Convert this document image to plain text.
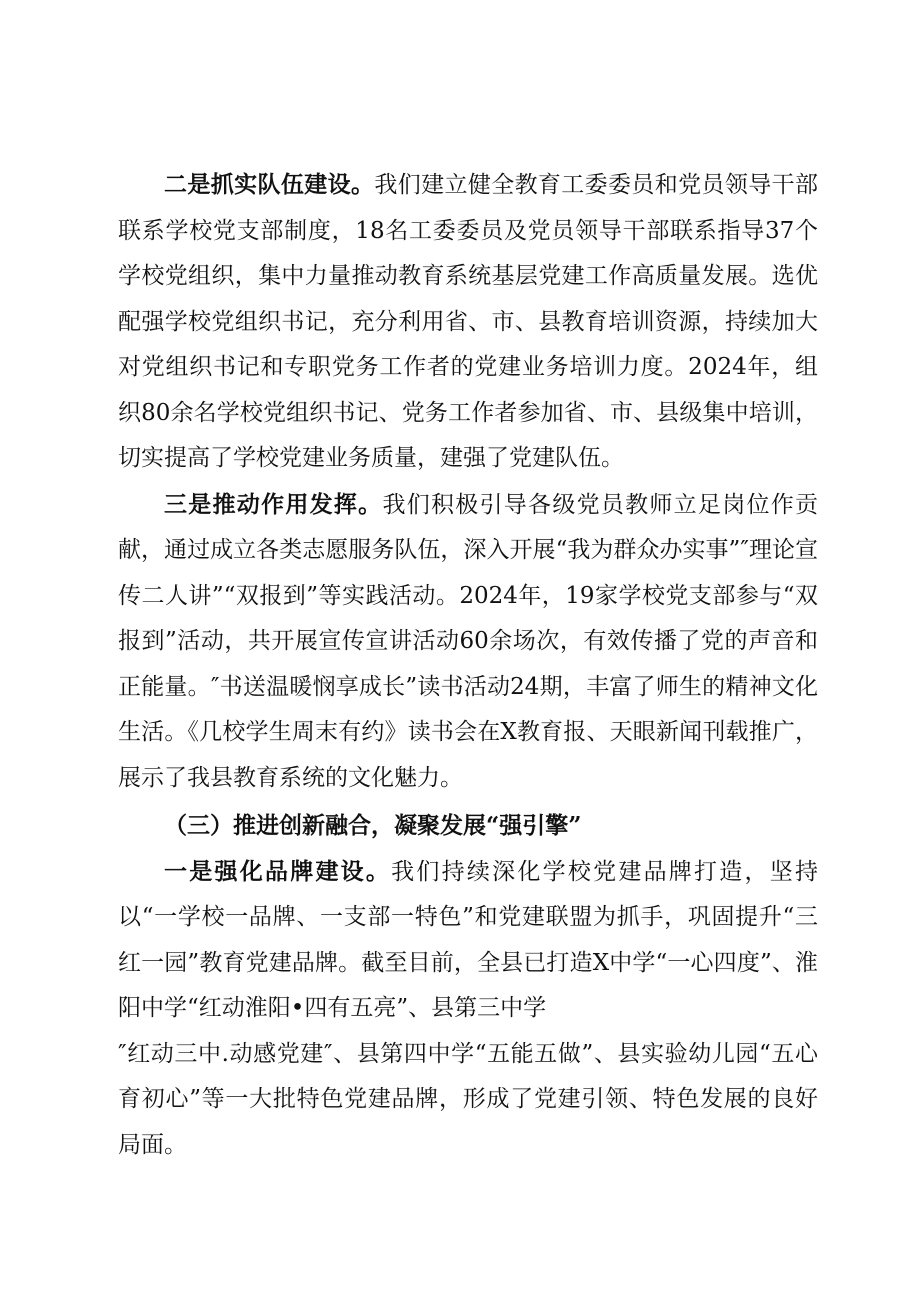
二是抓实队伍建设。我们建立健全教育工委委员和党员领导干部联系学校党支部制度，18名工委委员及党员领导干部联系指导37个学校党组织，集中力量推动教育系统基层党建工作高质量发展。选优配强学校党组织书记，充分利用省、市、县教育培训资源，持续加大对党组织书记和专职党务工作者的党建业务培训力度。2024年，组织80余名学校党组织书记、党务工作者参加省、市、县级集中培训，切实提高了学校党建业务质量，建强了党建队伍。

三是推动作用发挥。我们积极引导各级党员教师立足岗位作贡献，通过成立各类志愿服务队伍，深入开展“我为群众办实事”″理论宣传二人讲”“双报到”等实践活动。2024年，19家学校党支部参与“双报到”活动，共开展宣传宣讲活动60余场次，有效传播了党的声音和正能量。″书送温暖悯享成长”读书活动24期，丰富了师生的精神文化生活。《几校学生周末有约》读书会在X教育报、天眼新闻刊载推广，展示了我县教育系统的文化魅力。

（三）推进创新融合，凝聚发展“强引擎”

一是强化品牌建设。我们持续深化学校党建品牌打造，坚持以“一学校一品牌、一支部一特色”和党建联盟为抓手，巩固提升“三红一园”教育党建品牌。截至目前，全县已打造X中学“一心四度”、淮阳中学“红动淮阳•四有五亮”、县第三中学

″红动三中.动感党建″、县第四中学“五能五做”、县实验幼儿园“五心育初心”等一大批特色党建品牌，形成了党建引领、特色发展的良好局面。
